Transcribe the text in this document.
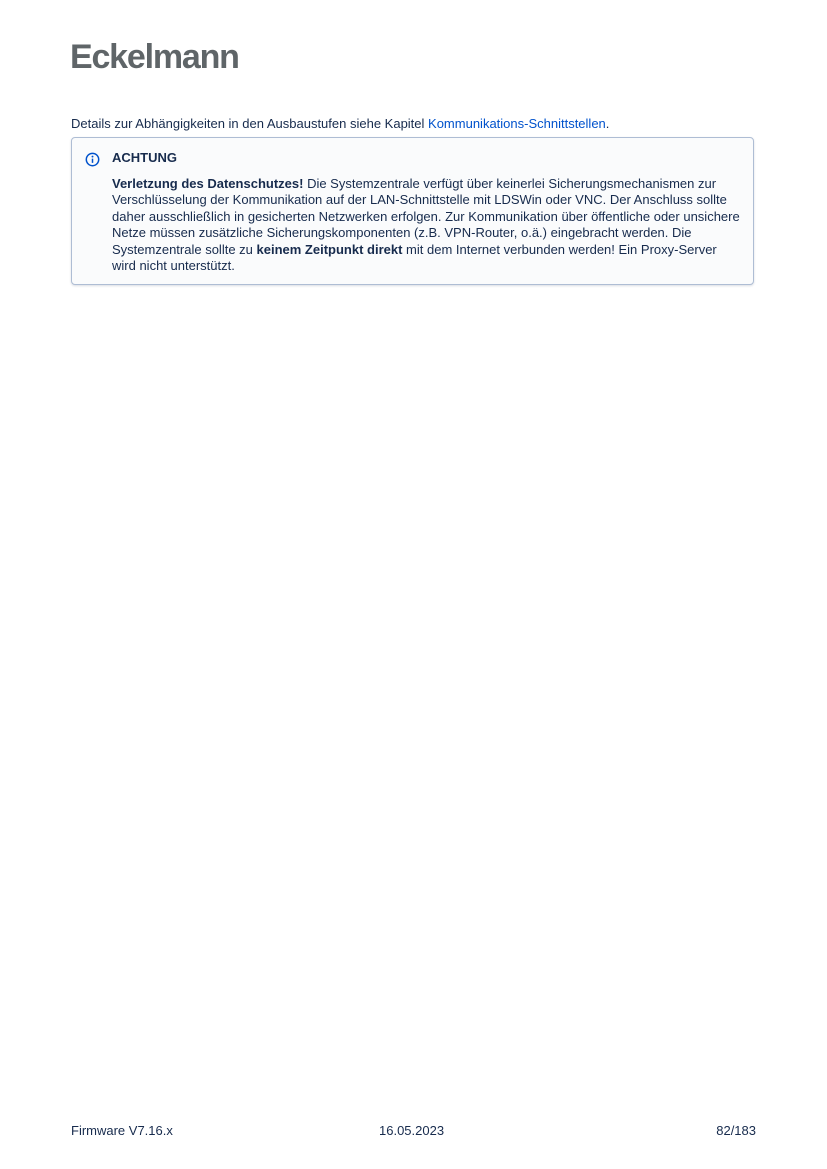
Eckelmann
Details zur Abhängigkeiten in den Ausbaustufen siehe Kapitel Kommunikations-Schnittstellen.
ACHTUNG
Verletzung des Datenschutzes! Die Systemzentrale verfügt über keinerlei Sicherungsmechanismen zur Verschlüsselung der Kommunikation auf der LAN-Schnittstelle mit LDSWin oder VNC. Der Anschluss sollte daher ausschließlich in gesicherten Netzwerken erfolgen. Zur Kommunikation über öffentliche oder unsichere Netze müssen zusätzliche Sicherungskomponenten (z.B. VPN-Router, o.ä.) eingebracht werden. Die Systemzentrale sollte zu keinem Zeitpunkt direkt mit dem Internet verbunden werden! Ein Proxy-Server wird nicht unterstützt.
Firmware V7.16.x	16.05.2023	82/183
